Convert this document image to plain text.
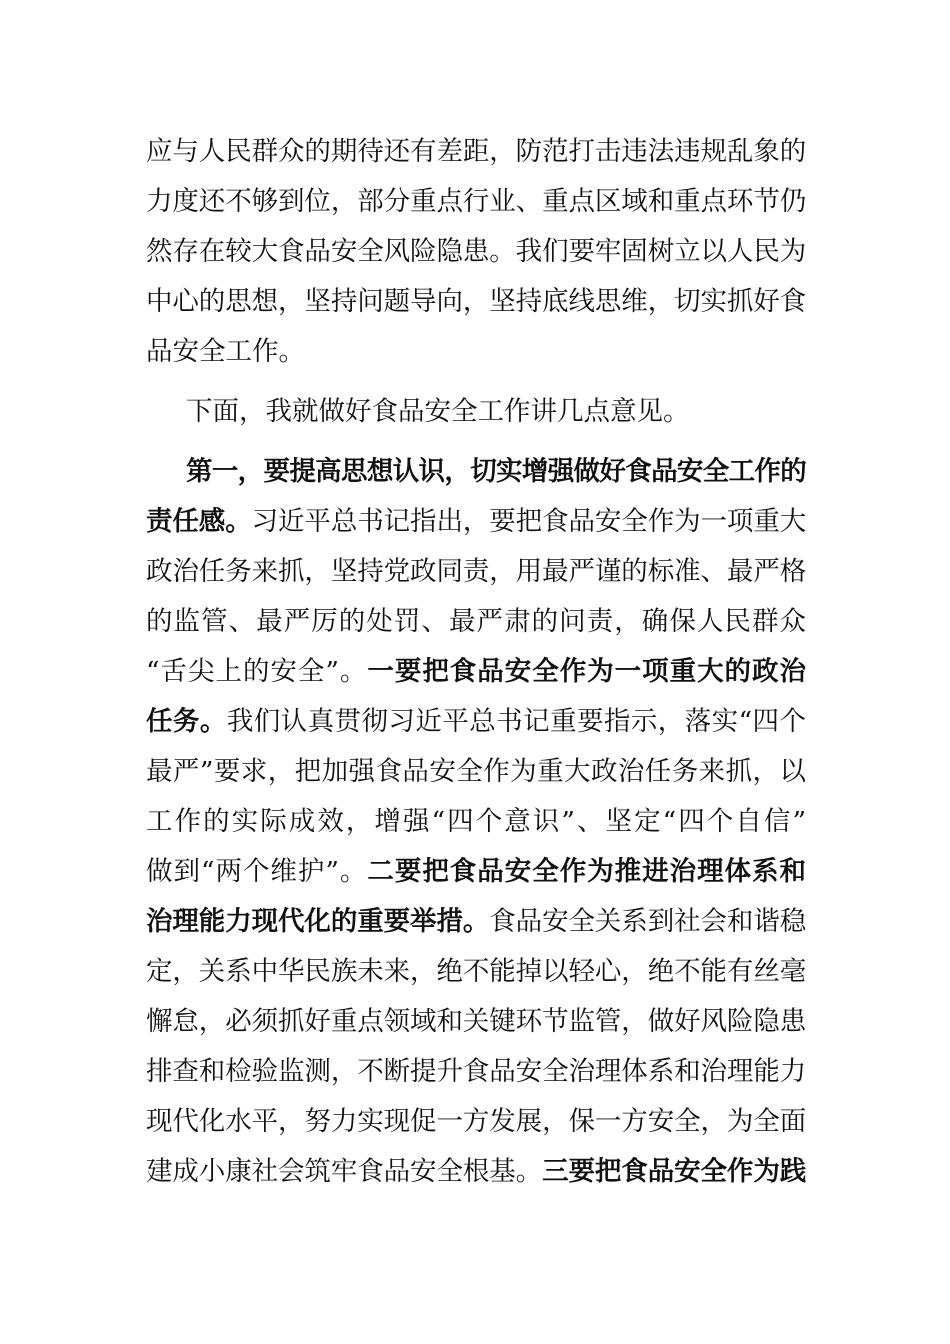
应与人民群众的期待还有差距，防范打击违法违规乱象的
力度还不够到位，部分重点行业、重点区域和重点环节仍
然存在较大食品安全风险隐患。我们要牢固树立以人民为
中心的思想，坚持问题导向，坚持底线思维，切实抓好食
品安全工作。
下面，我就做好食品安全工作讲几点意见。
第一，要提高思想认识，切实增强做好食品安全工作的
责任感。习近平总书记指出，要把食品安全作为一项重大
政治任务来抓，坚持党政同责，用最严谨的标准、最严格
的监管、最严厉的处罚、最严肃的问责，确保人民群众
“舌尖上的安全”。一要把食品安全作为一项重大的政治
任务。我们认真贯彻习近平总书记重要指示，落实“四个
最严”要求，把加强食品安全作为重大政治任务来抓，以
工作的实际成效，增强“四个意识”、坚定“四个自信”
做到“两个维护”。二要把食品安全作为推进治理体系和
治理能力现代化的重要举措。食品安全关系到社会和谐稳
定，关系中华民族未来，绝不能掉以轻心，绝不能有丝毫
懈怠，必须抓好重点领域和关键环节监管，做好风险隐患
排查和检验监测，不断提升食品安全治理体系和治理能力
现代化水平，努力实现促一方发展，保一方安全，为全面
建成小康社会筑牢食品安全根基。三要把食品安全作为践
